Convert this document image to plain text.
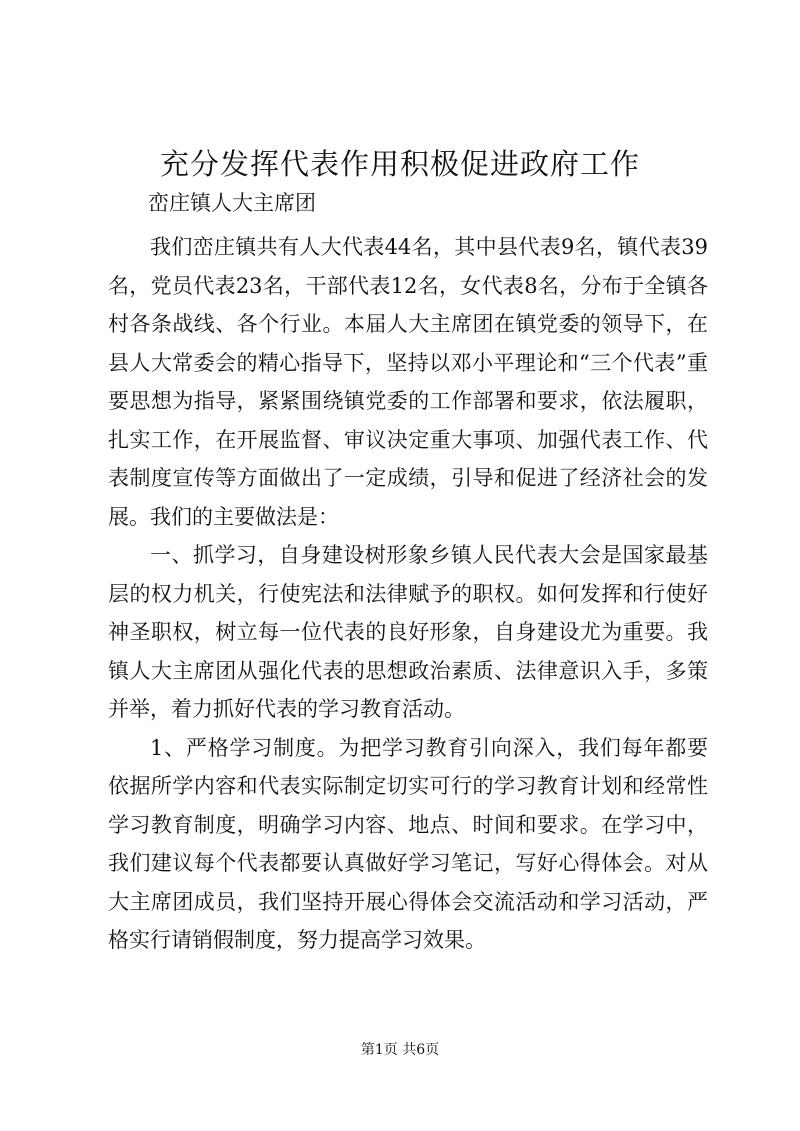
充分发挥代表作用积极促进政府工作

峦庄镇人大主席团

我们峦庄镇共有人大代表44名，其中县代表9名，镇代表39名，党员代表23名，干部代表12名，女代表8名，分布于全镇各村各条战线、各个行业。本届人大主席团在镇党委的领导下，在县人大常委会的精心指导下，坚持以邓小平理论和“三个代表”重要思想为指导，紧紧围绕镇党委的工作部署和要求，依法履职，扎实工作，在开展监督、审议决定重大事项、加强代表工作、代表制度宣传等方面做出了一定成绩，引导和促进了经济社会的发展。我们的主要做法是：

一、抓学习，自身建设树形象乡镇人民代表大会是国家最基层的权力机关，行使宪法和法律赋予的职权。如何发挥和行使好神圣职权，树立每一位代表的良好形象，自身建设尤为重要。我镇人大主席团从强化代表的思想政治素质、法律意识入手，多策并举，着力抓好代表的学习教育活动。

1、严格学习制度。为把学习教育引向深入，我们每年都要依据所学内容和代表实际制定切实可行的学习教育计划和经常性学习教育制度，明确学习内容、地点、时间和要求。在学习中，我们建议每个代表都要认真做好学习笔记，写好心得体会。对从大主席团成员，我们坚持开展心得体会交流活动和学习活动，严格实行请销假制度，努力提高学习效果。

第1页 共6页
